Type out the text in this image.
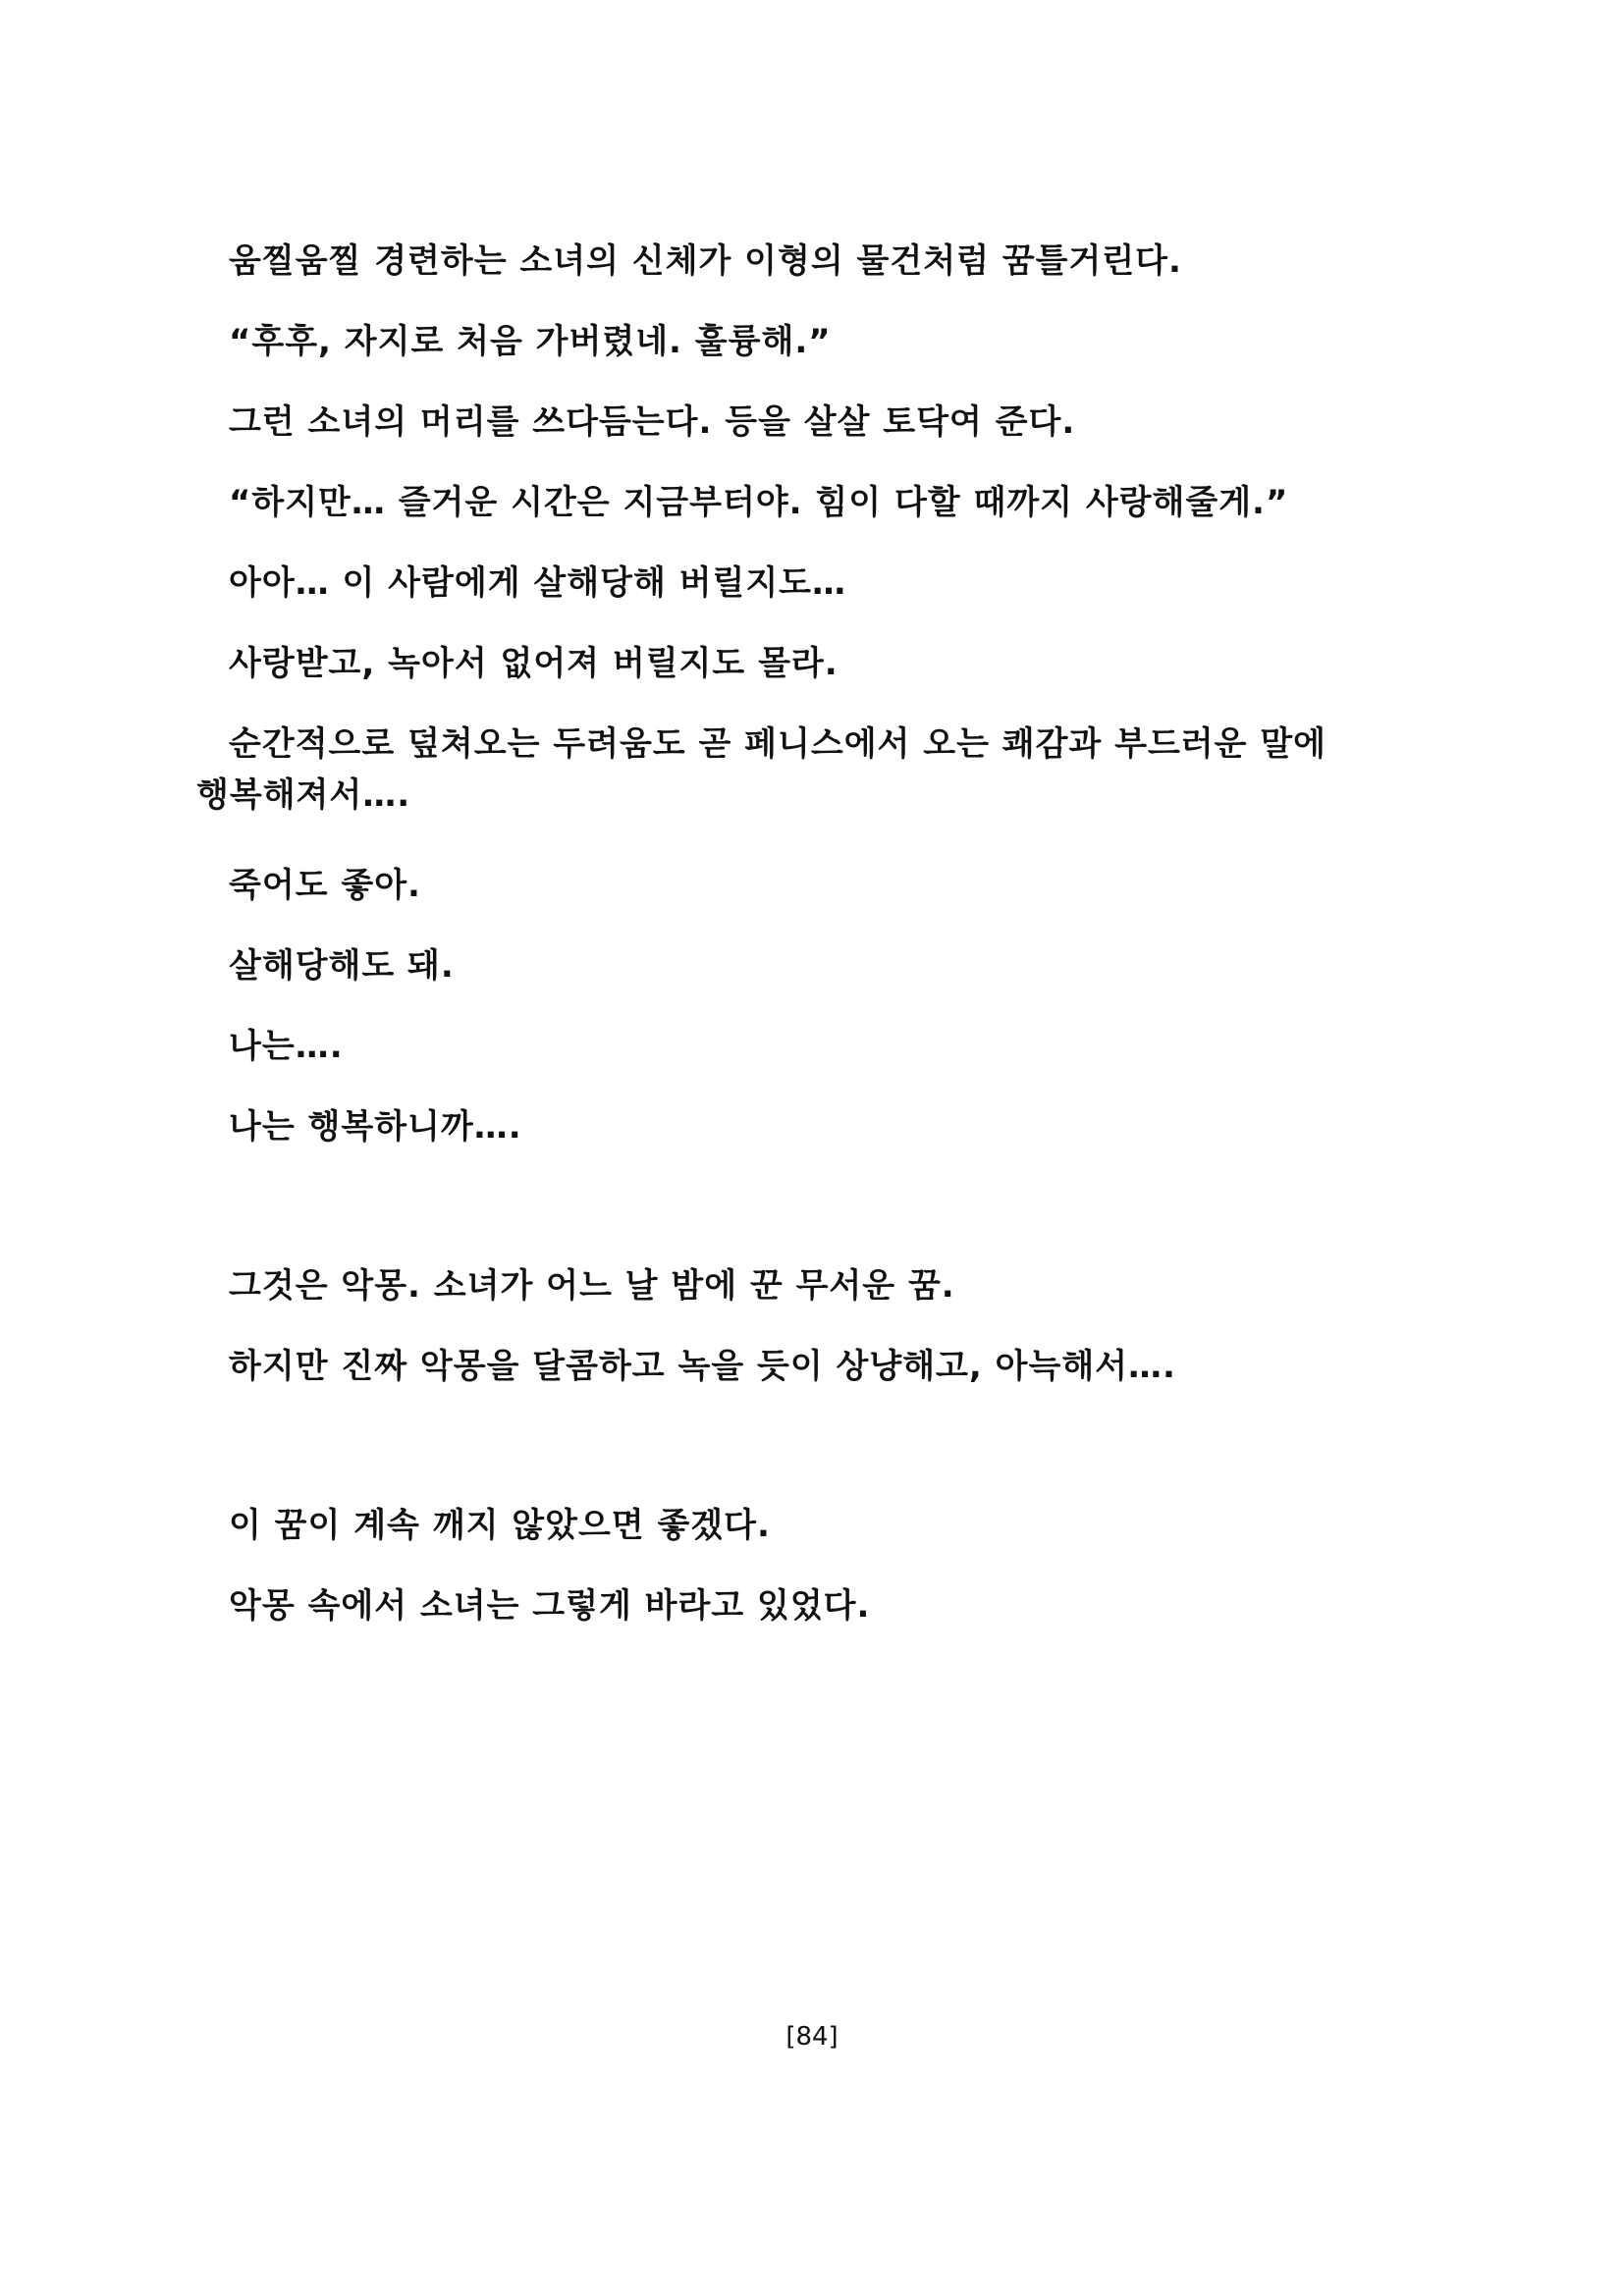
움찔움찔 경련하는 소녀의 신체가 이형의 물건처럼 꿈틀거린다.

“후후, 자지로 처음 가버렸네. 훌륭해.”

그런 소녀의 머리를 쓰다듬는다. 등을 살살 토닥여 준다.

“하지만… 즐거운 시간은 지금부터야. 힘이 다할 때까지 사랑해줄게.”

아아… 이 사람에게 살해당해 버릴지도…

사랑받고, 녹아서 없어져 버릴지도 몰라.

순간적으로 덮쳐오는 두려움도 곧 페니스에서 오는 쾌감과 부드러운 말에 행복해져서….

죽어도 좋아.

살해당해도 돼.

나는….

나는 행복하니까….

그것은 악몽. 소녀가 어느 날 밤에 꾼 무서운 꿈.

하지만 진짜 악몽을 달콤하고 녹을 듯이 상냥해고, 아늑해서….

이 꿈이 계속 깨지 않았으면 좋겠다.

악몽 속에서 소녀는 그렇게 바라고 있었다.

[84]
